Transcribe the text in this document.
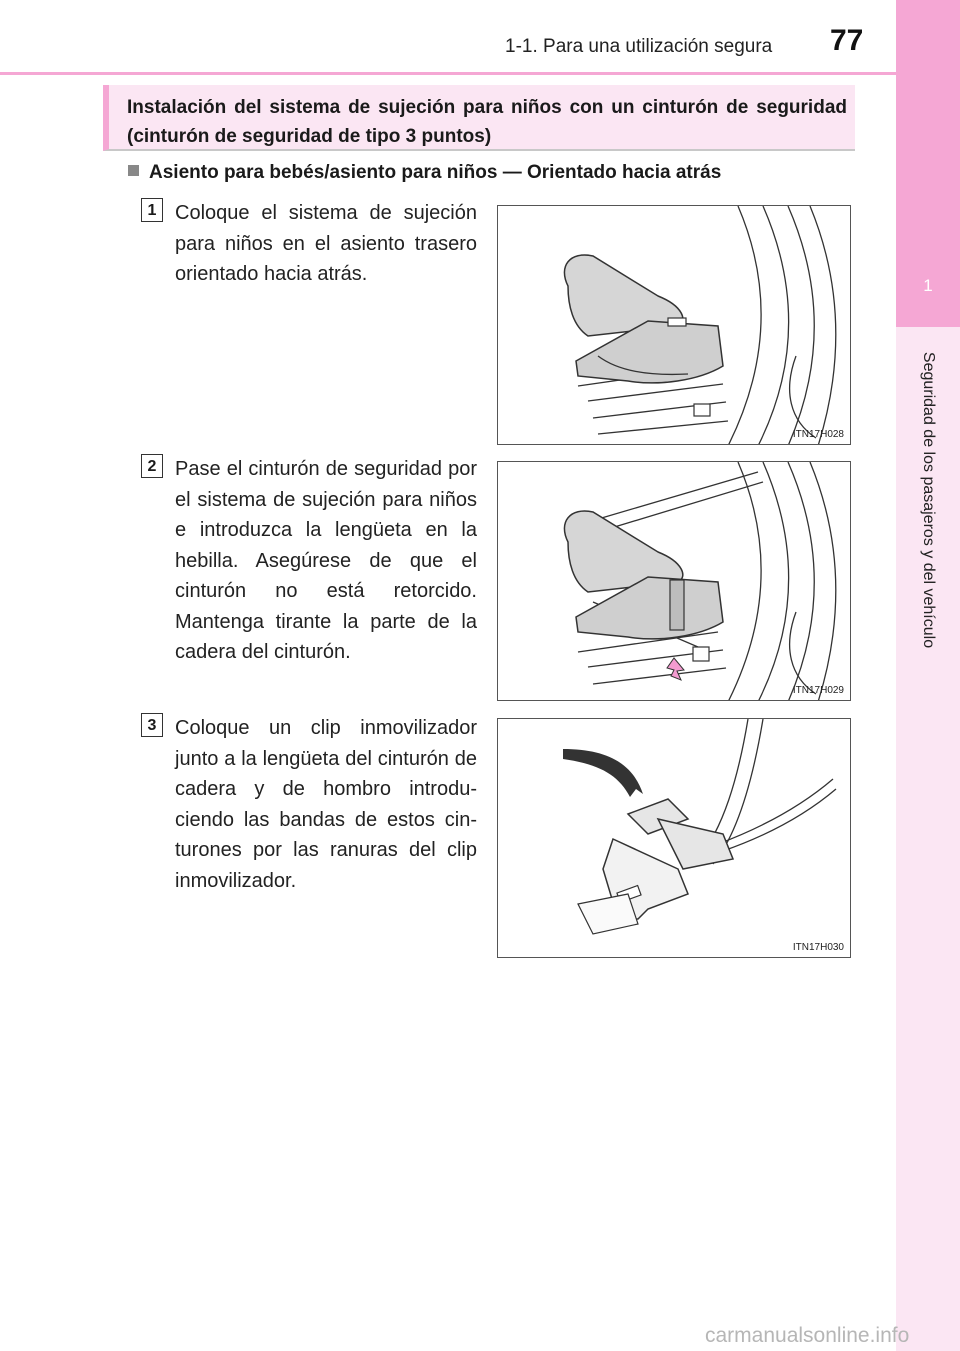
1-1. Para una utilización segura 77
1
Seguridad de los pasajeros y del vehículo
Instalación del sistema de sujeción para niños con un cinturón de seguridad (cinturón de seguridad de tipo 3 puntos)
Asiento para bebés/asiento para niños — Orientado hacia atrás
1 Coloque el sistema de sujeción para niños en el asiento trasero orientado hacia atrás.
ITN17H028
2 Pase el cinturón de seguridad por el sistema de sujeción para niños e introduzca la lengüeta en la hebilla. Asegúrese de que el cinturón no está retorcido. Mantenga tirante la parte de la cadera del cinturón.
ITN17H029
3 Coloque un clip inmovilizador junto a la lengüeta del cinturón de cadera y de hombro introdu-ciendo las bandas de estos cin-turones por las ranuras del clip inmovilizador.
ITN17H030
carmanualsonline.info
